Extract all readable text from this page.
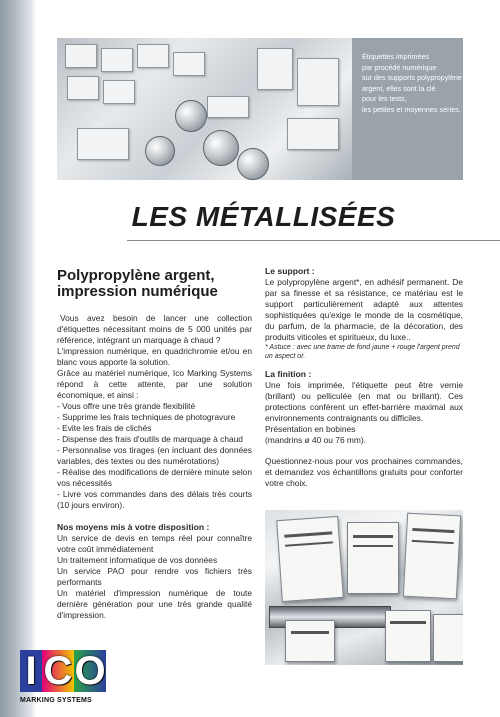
Étiquettes imprimées
par procédé numérique
sur des supports polypropylène
argent, elles sont la clé
pour les tests,
les petites et moyennes séries.
LES MÉTALLISÉES
Polypropylène argent, impression numérique

Vous avez besoin de lancer une collection d'étiquettes nécessitant moins de 5 000 unités par référence, intégrant un marquage à chaud ?

L'impression numérique, en quadrichromie et/ou en blanc vous apporte la solution.

Grâce au matériel numérique, Ico Marking Systems répond à cette attente, par une solution économique, et ainsi :

- Vous offre une très grande flexibilité

- Supprime les frais techniques de photogravure

- Evite les frais de clichés

- Dispense des frais d'outils de marquage à chaud

- Personnalise vos tirages (en incluant des données variables, des textes ou des numérotations)

- Réalise des modifications de dernière minute selon vos nécessités

- Livre vos commandes dans des délais très courts (10 jours environ).

Nos moyens mis à votre disposition :

Un service de devis en temps réel pour connaître votre coût immédiatement

Un traitement informatique de vos données

Un service PAO pour rendre vos fichiers très performants

Un matériel d'impression numérique de toute dernière génération pour une très grande qualité d'impression.

Le support :

Le polypropylène argent*, en adhésif permanent. De par sa finesse et sa résistance, ce matériau est le support particulièrement adapté aux attentes sophistiquées qu'exige le monde de la cosmétique, du parfum, de la pharmacie, de la décoration, des produits viticoles et spiritueux, du luxe..

* Astuce : avec une trame de fond jaune + rouge l'argent prend un aspect or.

La finition :

Une fois imprimée, l'étiquette peut être vernie (brillant) ou pelliculée (en mat ou brillant). Ces protections confèrent un effet-barrière maximal aux environnements contraignants ou difficiles.

Présentation en bobines

(mandrins ø 40 ou 76 mm).

Questionnez-nous pour vos prochaines commandes, et demandez vos échantillons gratuits pour conforter votre choix.

I C O
MARKING SYSTEMS
